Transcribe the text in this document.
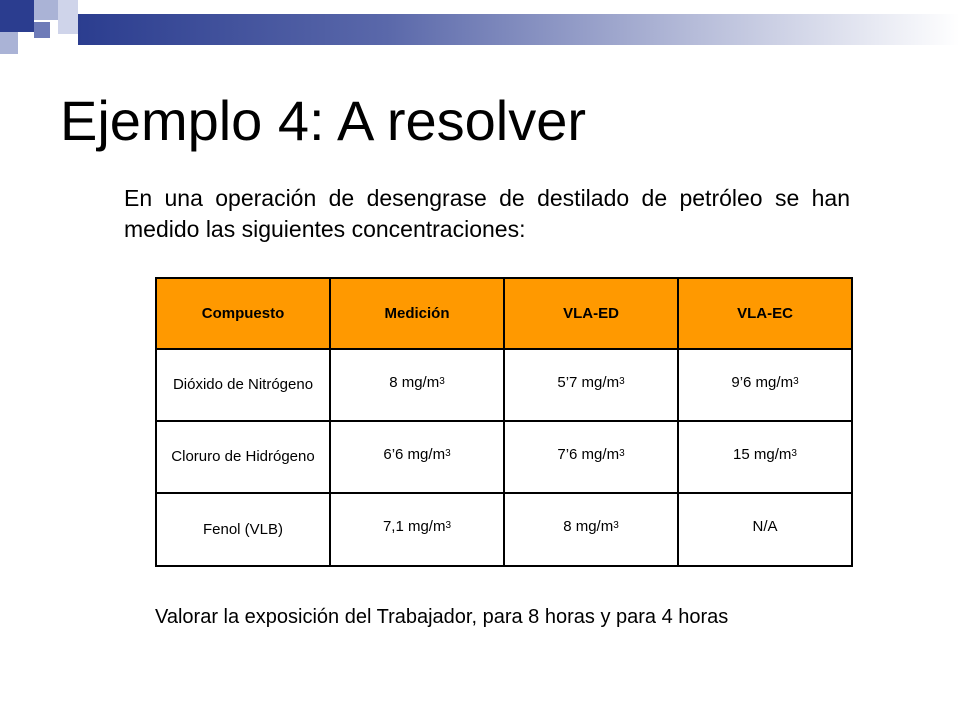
Ejemplo 4: A resolver

En una operación de desengrase de destilado de petróleo se han medido las siguientes concentraciones:

Compuesto	Medición	VLA-ED	VLA-EC
Dióxido de Nitrógeno	8 $mg/m^3$	5’7 $mg/m^3$	9’6 $mg/m^3$
Cloruro de Hidrógeno	6’6 $mg/m^3$	7’6 $mg/m^3$	15 $mg/m^3$
Fenol (VLB)	7,1 $mg/m^3$	8 $mg/m^3$	N/A

Valorar la exposición del Trabajador, para 8 horas y para 4 horas
